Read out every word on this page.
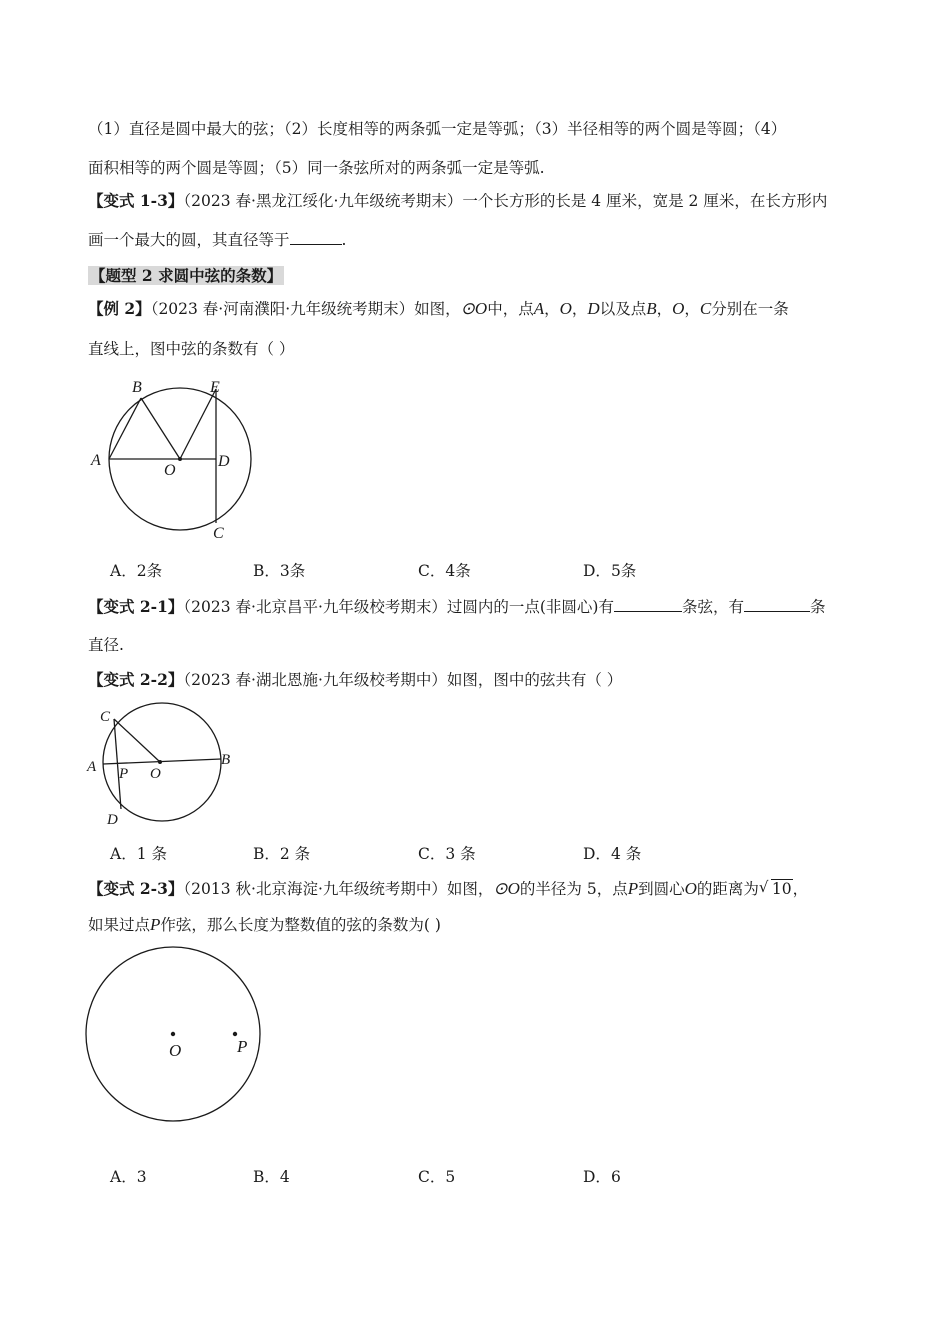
（1）直径是圆中最大的弦；（2）长度相等的两条弧一定是等弧；（3）半径相等的两个圆是等圆；（4）
面积相等的两个圆是等圆；（5）同一条弦所对的两条弧一定是等弧.
【变式 1-3】（2023 春·黑龙江绥化·九年级统考期末）一个长方形的长是 4 厘米，宽是 2 厘米，在长方形内
画一个最大的圆，其直径等于	.
【题型 2 求圆中弦的条数】
【例 2】（2023 春·河南濮阳·九年级统考期末）如图，⊙O中，点A，O，D以及点B，O，C分别在一条
直线上，图中弦的条数有（ ）
B	E
A
O
D
C
A．2条	B．3条	C．4条	D．5条
【变式 2-1】（2023 春·北京昌平·九年级校考期末）过圆内的一点(非圆心)有	条弦，有	条
直径.
【变式 2-2】（2023 春·湖北恩施·九年级校考期中）如图，图中的弦共有（ ）
C
A P O
B
D
A．1 条	B．2 条	C．3 条	D．4 条
【变式 2-3】（2013 秋·北京海淀·九年级统考期中）如图，⊙O的半径为 5，点P到圆心O的距离为 √ 10，
如果过点P作弦，那么长度为整数值的弦的条数为( )
O	P
A．3	B．4	C．5	D．6
